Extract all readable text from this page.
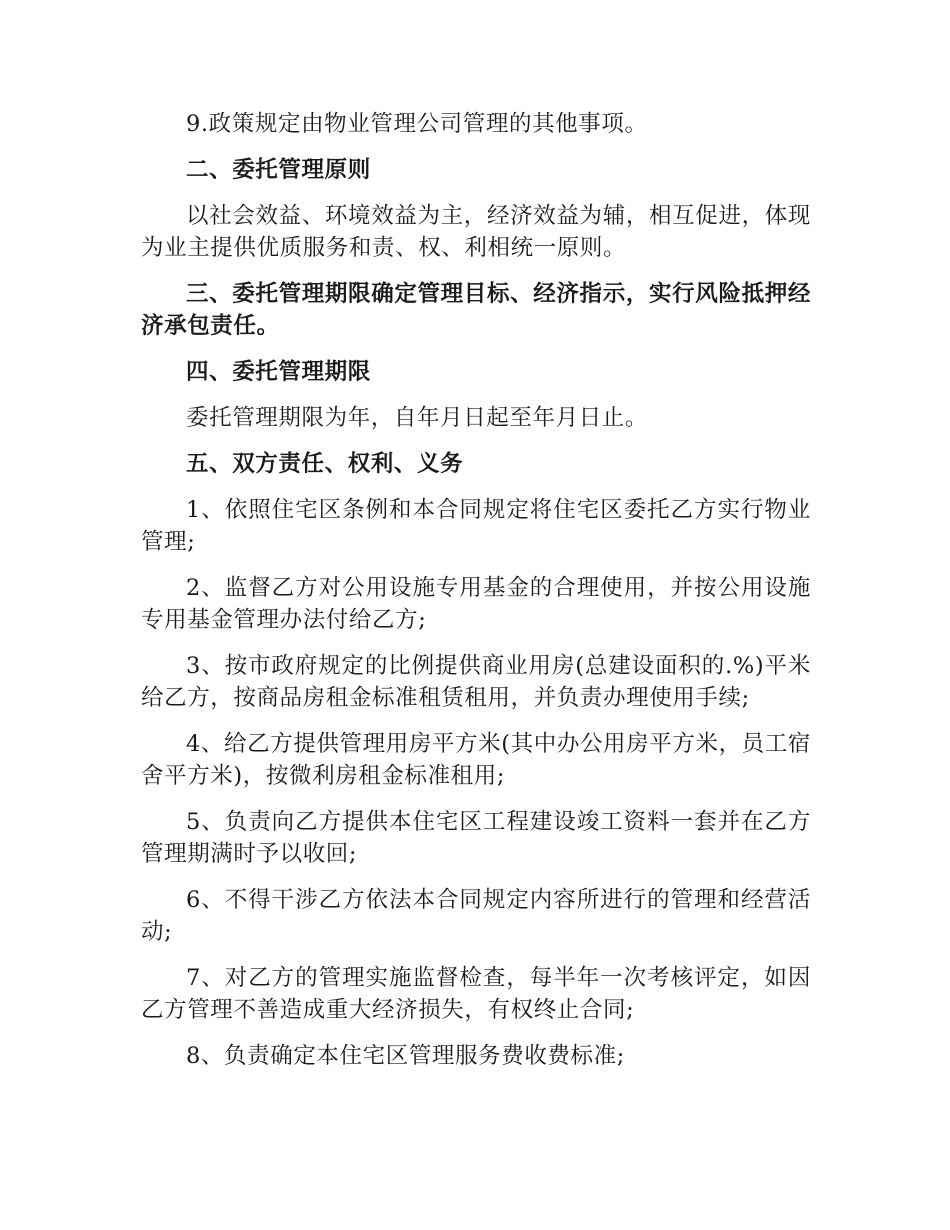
9.政策规定由物业管理公司管理的其他事项。

二、委托管理原则

以社会效益、环境效益为主，经济效益为辅，相互促进，体现为业主提供优质服务和责、权、利相统一原则。

三、委托管理期限确定管理目标、经济指示，实行风险抵押经济承包责任。

四、委托管理期限

委托管理期限为年，自年月日起至年月日止。

五、双方责任、权利、义务

1、依照住宅区条例和本合同规定将住宅区委托乙方实行物业管理;

2、监督乙方对公用设施专用基金的合理使用，并按公用设施专用基金管理办法付给乙方;

3、按市政府规定的比例提供商业用房(总建设面积的.%)平米给乙方，按商品房租金标准租赁租用，并负责办理使用手续;

4、给乙方提供管理用房平方米(其中办公用房平方米，员工宿舍平方米)，按微利房租金标准租用;

5、负责向乙方提供本住宅区工程建设竣工资料一套并在乙方管理期满时予以收回;

6、不得干涉乙方依法本合同规定内容所进行的管理和经营活动;

7、对乙方的管理实施监督检查，每半年一次考核评定，如因乙方管理不善造成重大经济损失，有权终止合同;

8、负责确定本住宅区管理服务费收费标准;
